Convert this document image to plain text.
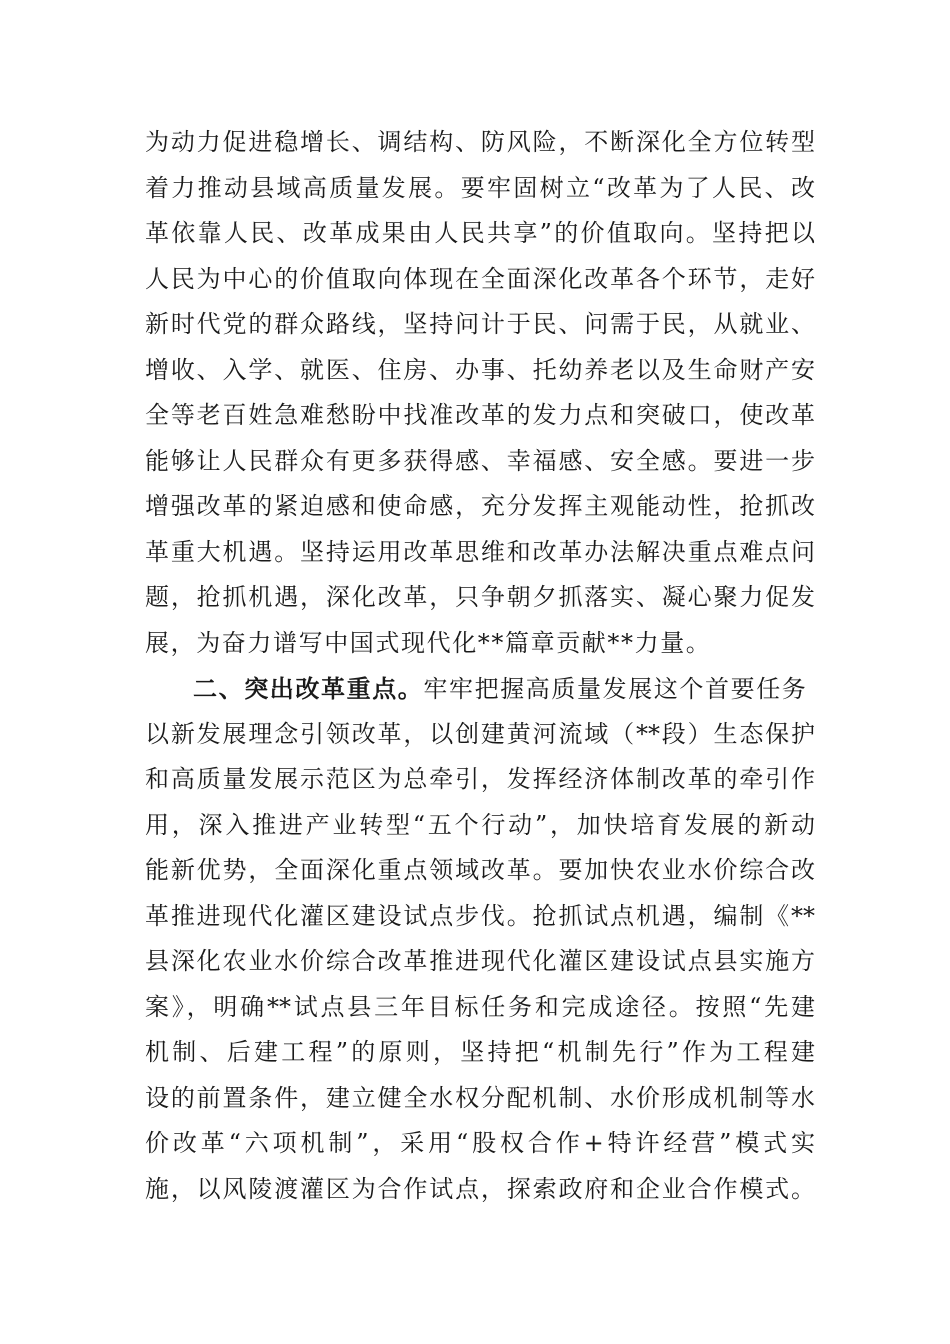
为动力促进稳增长、调结构、防风险，不断深化全方位转型
着力推动县域高质量发展。要牢固树立“改革为了人民、改
革依靠人民、改革成果由人民共享”的价值取向。坚持把以
人民为中心的价值取向体现在全面深化改革各个环节，走好
新时代党的群众路线，坚持问计于民、问需于民，从就业、
增收、入学、就医、住房、办事、托幼养老以及生命财产安
全等老百姓急难愁盼中找准改革的发力点和突破口，使改革
能够让人民群众有更多获得感、幸福感、安全感。要进一步
增强改革的紧迫感和使命感，充分发挥主观能动性，抢抓改
革重大机遇。坚持运用改革思维和改革办法解决重点难点问
题，抢抓机遇，深化改革，只争朝夕抓落实、凝心聚力促发
展，为奋力谱写中国式现代化**篇章贡献**力量。
二、突出改革重点。牢牢把握高质量发展这个首要任务
以新发展理念引领改革，以创建黄河流域（**段）生态保护
和高质量发展示范区为总牵引，发挥经济体制改革的牵引作
用，深入推进产业转型“五个行动”，加快培育发展的新动
能新优势，全面深化重点领域改革。要加快农业水价综合改
革推进现代化灌区建设试点步伐。抢抓试点机遇，编制《**
县深化农业水价综合改革推进现代化灌区建设试点县实施方
案》，明确**试点县三年目标任务和完成途径。按照“先建
机制、后建工程”的原则，坚持把“机制先行”作为工程建
设的前置条件，建立健全水权分配机制、水价形成机制等水
价改革“六项机制”，采用“股权合作+特许经营”模式实
施，以风陵渡灌区为合作试点，探索政府和企业合作模式。
